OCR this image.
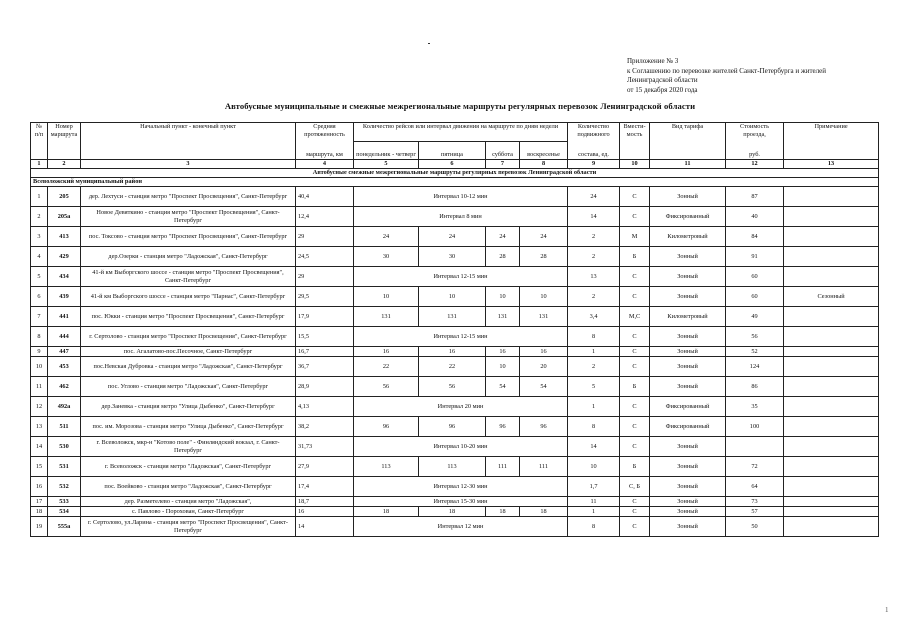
Приложение № 3
к Соглашению по перевозке жителей Санкт-Петербурга и жителей
Ленинградской области
от 15 декабря 2020 года
Автобусные муниципальные и смежные межрегиональные маршруты регулярных перевозок Ленинградской области
№ п/п	Номер маршрута	Начальный пункт - конечный пункт	Средняя протяженность	Количество рейсов или интервал движения на маршруте по дням недели				Количество подвижного	Вмести-мость	Вид тарифа	Стоимость проезда,	Примечание
			маршрута, км	понедельник - четверг	пятница	суббота	воскресенье	состава, ед.			руб.	
1	2	3	4	5	6	7	8	9	10	11	12	13
Автобусные смежные межрегиональные маршруты регулярных перевозок Ленинградской области												
Всеволожский муниципальный район												
1	205	дер. Лехтуси - станция метро "Проспект Просвещения", Санкт-Петербург	40,4	Интервал 10-12 мин				24	С	Зонный	87	
2	205а	Новое Девяткино - станция метро "Проспект Просвещения", Санкт-Петербург	12,4	Интервал 8 мин				14	С	Фиксированный	40	
3	413	пос. Токсово - станция метро "Проспект Просвещения", Санкт-Петербург	29	24	24	24	24	2	М	Километровый	84	
4	429	дер.Озерки - станция метро "Ладожская", Санкт-Петербург	24,5	30	30	28	28	2	Б	Зонный	91	
5	434	41-й км Выборгского шоссе - станция метро "Проспект Просвещения", Санкт-Петербург	29	Интервал 12-15 мин				13	С	Зонный	60	
6	439	41-й км Выборгского шоссе - станция метро "Парнас", Санкт-Петербург	29,5	10	10	10	10	2	С	Зонный	60	Сезонный
7	441	пос. Юкки - станция метро "Проспект Просвещения", Санкт-Петербург	17,9	131	131	131	131	3,4	М,С	Километровый	49	
8	444	г. Сертолово - станция метро "Проспект Просвещения", Санкт-Петербург	15,5	Интервал 12-15 мин				8	С	Зонный	56	
9	447	пос. Агалатово-пос.Песочное, Санкт-Петербург	16,7	16	16	16	16	1	С	Зонный	52	
10	453	пос.Невская Дубровка - станция метро "Ладожская", Санкт-Петербург	36,7	22	22	10	20	2	С	Зонный	124	
11	462	пос. Углово - станция метро "Ладожская", Санкт-Петербург	28,9	56	56	54	54	5	Б	Зонный	86	
12	492а	дер.Заневка - станция метро "Улица Дыбенко", Санкт-Петербург	4,13	Интервал 20 мин				1	С	Фиксированный	35	
13	511	пос. им. Морозова - станция метро "Улица Дыбенко", Санкт-Петербург	38,2	96	96	96	96	8	С	Фиксированный	100	
14	530	г. Всеволожск, мкр-н "Котово поле" - Финляндский вокзал, г. Санкт-Петербург	31,73	Интервал 10-20 мин				14	С	Зонный		
15	531	г. Всеволожск - станция метро "Ладожская", Санкт-Петербург	27,9	113	113	111	111	10	Б	Зонный	72	
16	532	пос. Воейково - станция метро "Ладожская", Санкт-Петербург	17,4	Интервал 12-30 мин				1,7	С, Б	Зонный	64	
17	533	дер. Разметелево - станция метро "Ладожская",	18,7	Интервал 15-30 мин				11	С	Зонный	73	
18	534	с. Павлово - Порохован, Санкт-Петербург	16	18	18	18	18	1	С	Зонный	57	
19	555а	г. Сертолово, ул.Ларина - станция метро "Проспект Просвещения", Санкт-Петербург	14	Интервал 12 мин				8	С	Зонный	50	
1
